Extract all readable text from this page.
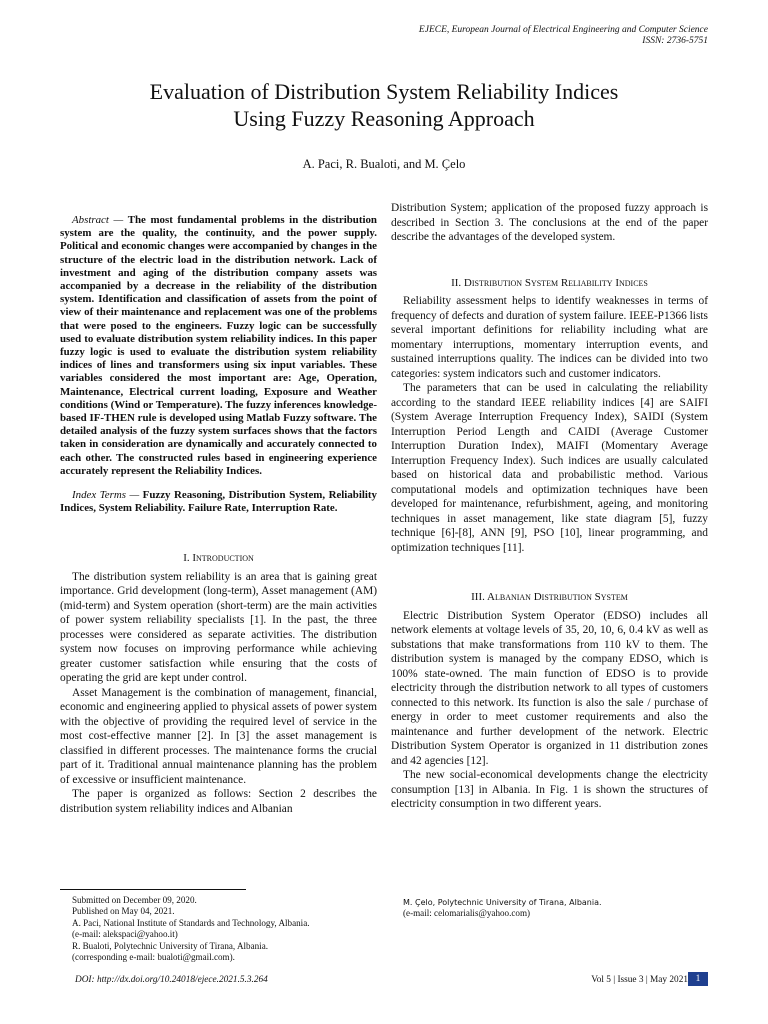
EJECE, European Journal of Electrical Engineering and Computer Science
ISSN: 2736-5751
Evaluation of Distribution System Reliability Indices
Using Fuzzy Reasoning Approach
A. Paci, R. Bualoti, and M. Çelo

Abstract — The most fundamental problems in the distribution system are the quality, the continuity, and the power supply. Political and economic changes were accompanied by changes in the structure of the electric load in the distribution network. Lack of investment and aging of the distribution company assets was accompanied by a decrease in the reliability of the distribution system. Identification and classification of assets from the point of view of their maintenance and replacement was one of the problems that were posed to the engineers. Fuzzy logic can be successfully used to evaluate distribution system reliability indices. In this paper fuzzy logic is used to evaluate the distribution system reliability indices of lines and transformers using six input variables. These variables considered the most important are: Age, Operation, Maintenance, Electrical current loading, Exposure and Weather conditions (Wind or Temperature). The fuzzy inferences knowledge-based IF-THEN rule is developed using Matlab Fuzzy software. The detailed analysis of the fuzzy system surfaces shows that the factors taken in consideration are dynamically and accurately connected to each other. The constructed rules based in engineering experience accurately represent the Reliability Indices.

Index Terms — Fuzzy Reasoning, Distribution System, Reliability Indices, System Reliability. Failure Rate, Interruption Rate.

I. Introduction

The distribution system reliability is an area that is gaining great importance. Grid development (long-term), Asset management (AM) (mid-term) and System operation (short-term) are the main activities of power system reliability specialists [1]. In the past, the three processes were considered as separate activities. The distribution system now focuses on improving performance while achieving greater customer satisfaction while ensuring that the costs of operating the grid are kept under control.

Asset Management is the combination of management, financial, economic and engineering applied to physical assets of power system with the objective of providing the required level of service in the most cost-effective manner [2]. In [3] the asset management is classified in different processes. The maintenance forms the crucial part of it. Traditional annual maintenance planning has the problem of excessive or insufficient maintenance.

The paper is organized as follows: Section 2 describes the distribution system reliability indices and Albanian

Distribution System; application of the proposed fuzzy approach is described in Section 3. The conclusions at the end of the paper describe the advantages of the developed system.

II. Distribution System Reliability Indices

Reliability assessment helps to identify weaknesses in terms of frequency of defects and duration of system failure. IEEE-P1366 lists several important definitions for reliability including what are momentary interruptions, momentary interruption events, and sustained interruptions quality. The indices can be divided into two categories: system indicators such and customer indicators.

The parameters that can be used in calculating the reliability according to the standard IEEE reliability indices [4] are SAIFI (System Average Interruption Frequency Index), SAIDI (System Interruption Period Length and CAIDI (Average Customer Interruption Duration Index), MAIFI (Momentary Average Interruption Frequency Index). Such indices are usually calculated based on historical data and probabilistic method. Various computational models and optimization techniques have been developed for maintenance, refurbishment, ageing, and monitoring techniques in asset management, like state diagram [5], fuzzy technique [6]-[8], ANN [9], PSO [10], linear programming, and optimization techniques [11].

III. Albanian Distribution System

Electric Distribution System Operator (EDSO) includes all network elements at voltage levels of 35, 20, 10, 6, 0.4 kV as well as substations that make transformations from 110 kV to them. The distribution system is managed by the company EDSO, which is 100% state-owned. The main function of EDSO is to provide electricity through the distribution network to all types of customers connected to this network. Its function is also the sale / purchase of energy in order to meet customer requirements and also the maintenance and further development of the network. Electric Distribution System Operator is organized in 11 distribution zones and 42 agencies [12].

The new social-economical developments change the electricity consumption [13] in Albania. In Fig. 1 is shown the structures of electricity consumption in two different years.

Submitted on December 09, 2020.
Published on May 04, 2021.
A. Paci, National Institute of Standards and Technology, Albania.
(e-mail: alekspaci@yahoo.it)
R. Bualoti, Polytechnic University of Tirana, Albania.
(corresponding e-mail: bualoti@gmail.com).
M. Çelo, Polytechnic University of Tirana, Albania.
(e-mail: celomarialis@yahoo.com)
DOI: http://dx.doi.org/10.24018/ejece.2021.5.3.264	Vol 5 | Issue 3 | May 2021 1
